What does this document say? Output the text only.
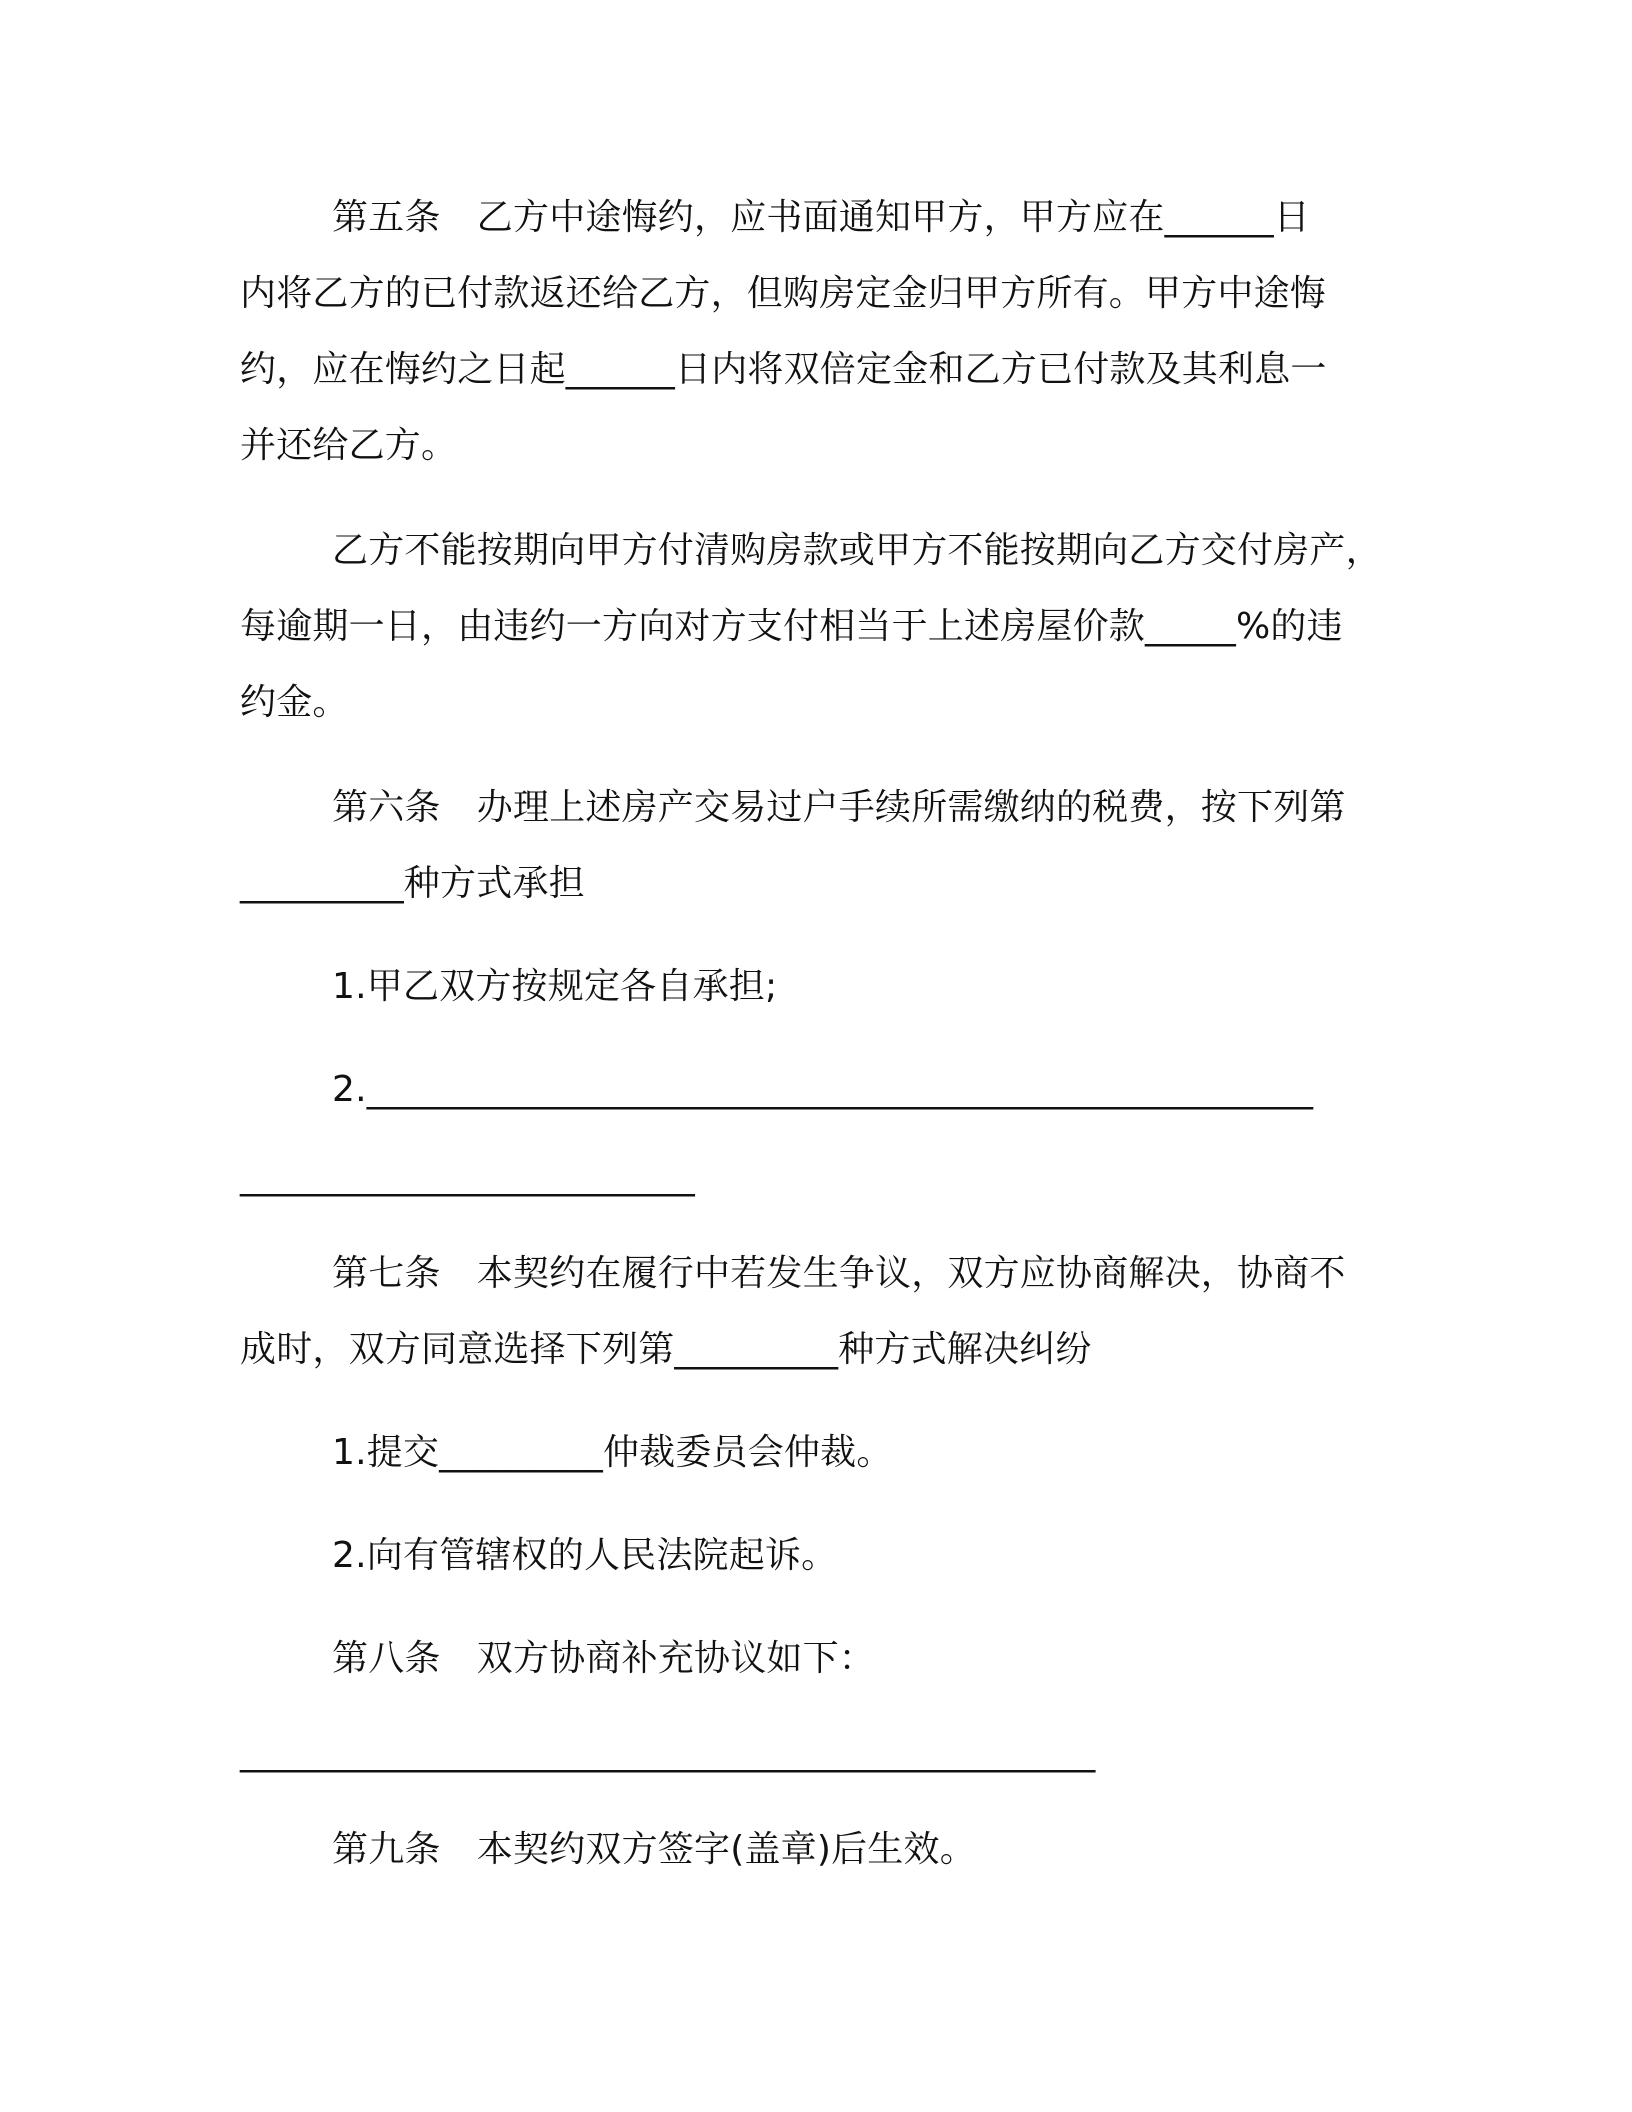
第五条　乙方中途悔约，应书面通知甲方，甲方应在______日
内将乙方的已付款返还给乙方，但购房定金归甲方所有。甲方中途悔
约，应在悔约之日起______日内将双倍定金和乙方已付款及其利息一
并还给乙方。
乙方不能按期向甲方付清购房款或甲方不能按期向乙方交付房产，
每逾期一日，由违约一方向对方支付相当于上述房屋价款_____%的违
约金。
第六条　办理上述房产交易过户手续所需缴纳的税费，按下列第
_________种方式承担
1.甲乙双方按规定各自承担;
2.____________________________________________________
_________________________
第七条　本契约在履行中若发生争议，双方应协商解决，协商不
成时，双方同意选择下列第_________种方式解决纠纷
1.提交_________仲裁委员会仲裁。
2.向有管辖权的人民法院起诉。
第八条　双方协商补充协议如下：
_______________________________________________
第九条　本契约双方签字(盖章)后生效。
